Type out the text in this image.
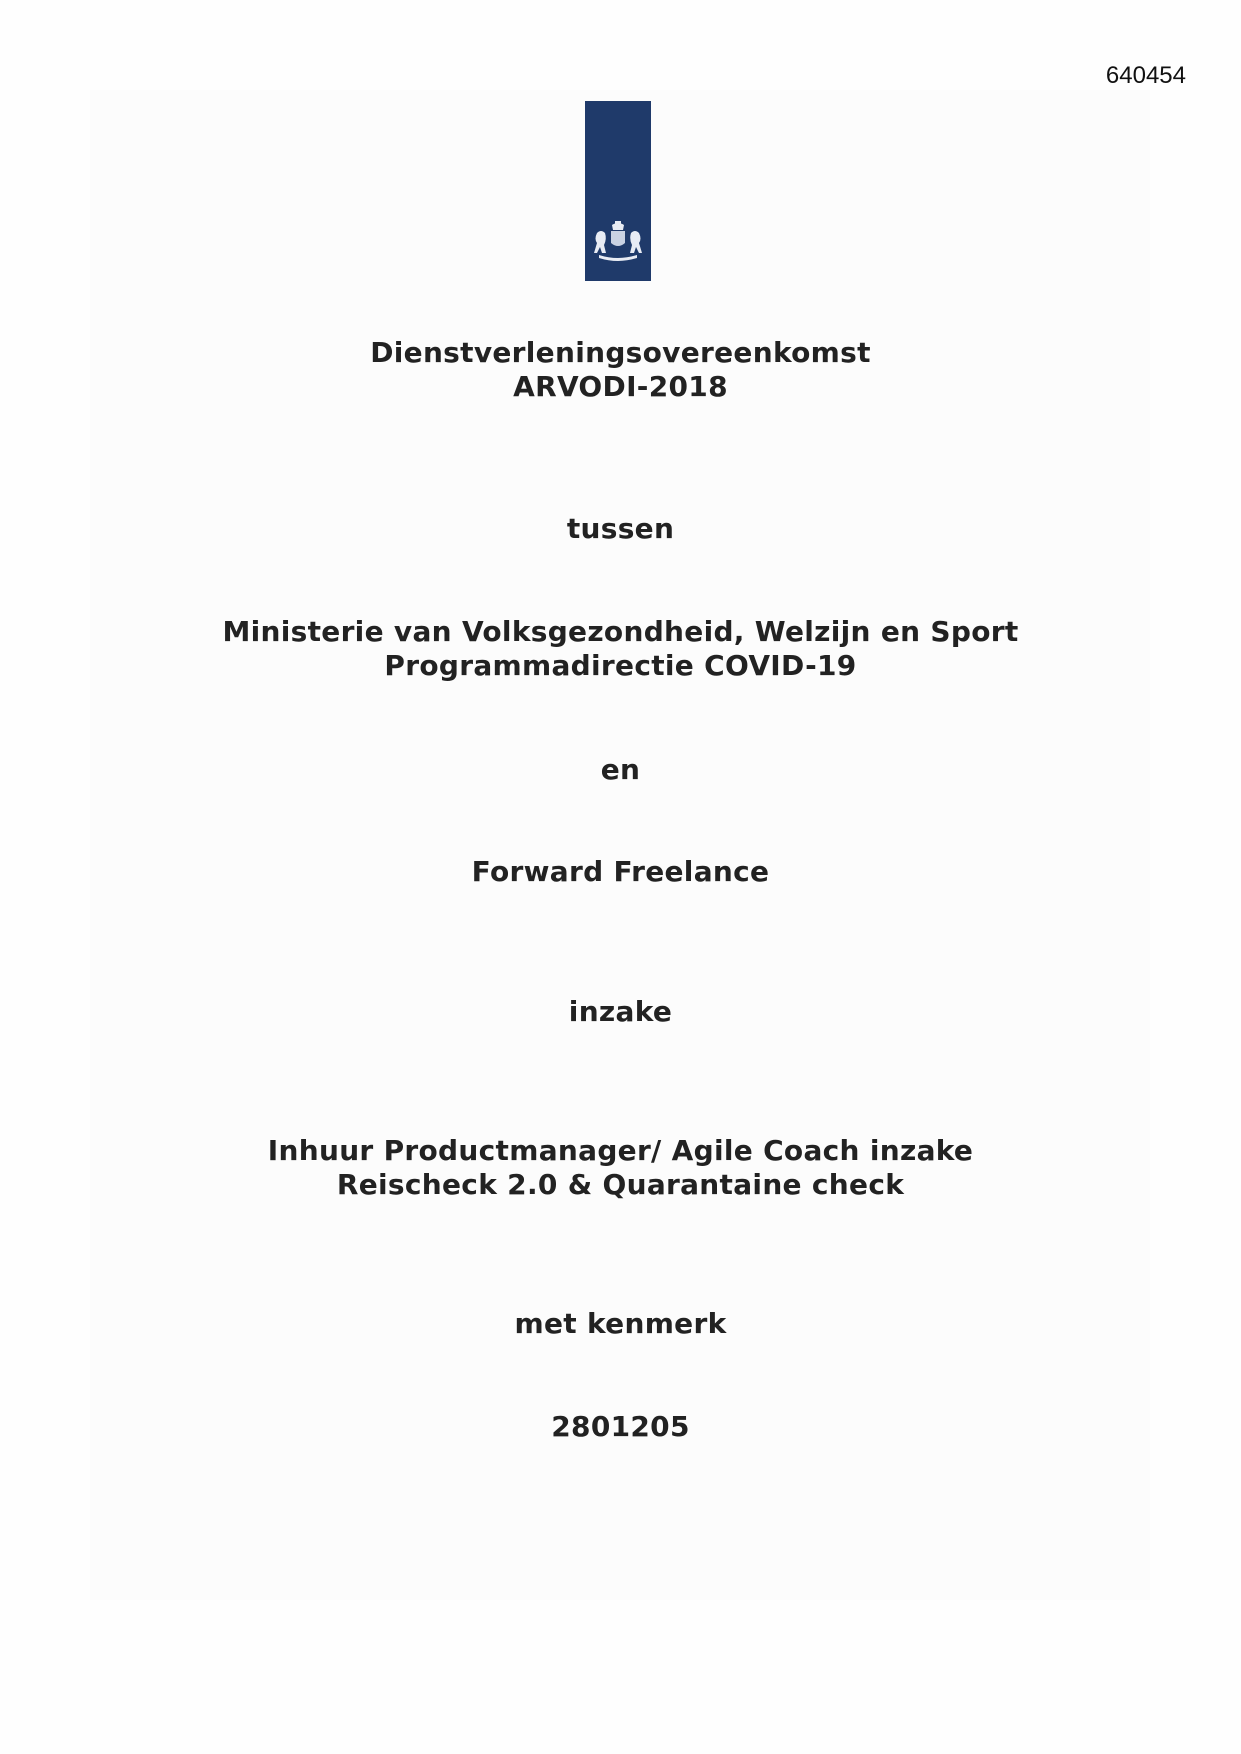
640454
Dienstverleningsovereenkomst
ARVODI-2018
tussen
Ministerie van Volksgezondheid, Welzijn en Sport
Programmadirectie COVID-19
en
Forward Freelance
inzake
Inhuur Productmanager/ Agile Coach inzake
Reischeck 2.0 & Quarantaine check
met kenmerk
2801205
